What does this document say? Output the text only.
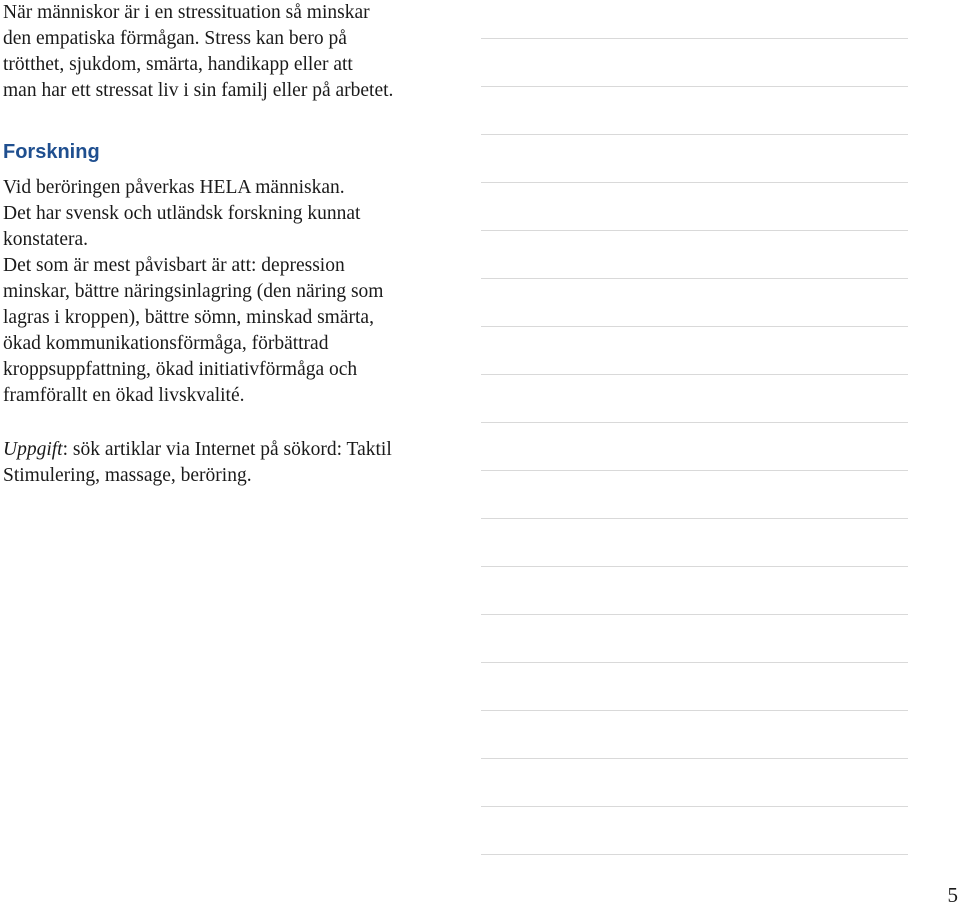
När människor är i en stressituation så minskar
den empatiska förmågan. Stress kan bero på
trötthet, sjukdom, smärta, handikapp eller att
man har ett stressat liv i sin familj eller på arbetet.
Forskning
Vid beröringen påverkas HELA människan.
Det har svensk och utländsk forskning kunnat
konstatera.
Det som är mest påvisbart är att: depression
minskar, bättre näringsinlagring (den näring som
lagras i kroppen), bättre sömn, minskad smärta,
ökad kommunikationsförmåga, förbättrad
kroppsuppfattning, ökad initiativförmåga och
framförallt en ökad livskvalité.
Uppgift: sök artiklar via Internet på sökord: Taktil
Stimulering, massage, beröring.
5
